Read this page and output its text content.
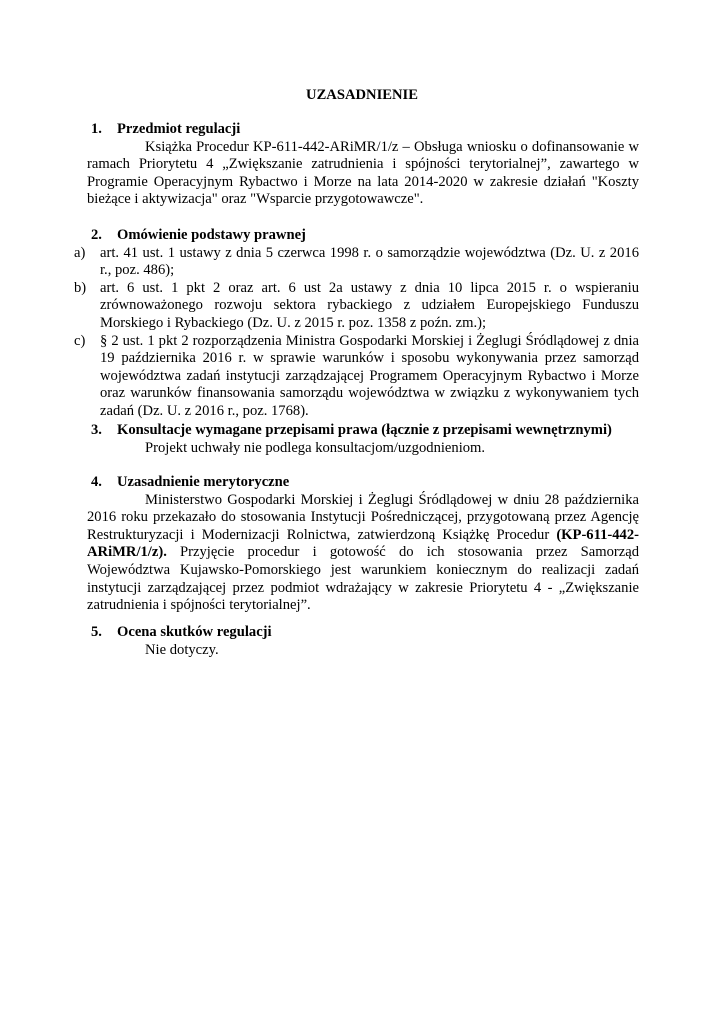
UZASADNIENIE
1. Przedmiot regulacji
Książka Procedur KP-611-442-ARiMR/1/z – Obsługa wniosku o dofinansowanie w ramach Priorytetu 4 „Zwiększanie zatrudnienia i spójności terytorialnej”, zawartego w Programie Operacyjnym Rybactwo i Morze na lata 2014-2020 w zakresie działań "Koszty bieżące i aktywizacja" oraz "Wsparcie przygotowawcze".
2. Omówienie podstawy prawnej
a) art. 41 ust. 1 ustawy z dnia 5 czerwca 1998 r. o samorządzie województwa (Dz. U. z 2016 r., poz. 486);
b) art. 6 ust. 1 pkt 2 oraz art. 6 ust 2a ustawy z dnia 10 lipca 2015 r. o wspieraniu zrównoważonego rozwoju sektora rybackiego z udziałem Europejskiego Funduszu Morskiego i Rybackiego (Dz. U. z 2015 r. poz. 1358 z poźn. zm.);
c) § 2 ust. 1 pkt 2 rozporządzenia Ministra Gospodarki Morskiej i Żeglugi Śródlądowej z dnia 19 października 2016 r. w sprawie warunków i sposobu wykonywania przez samorząd województwa zadań instytucji zarządzającej Programem Operacyjnym Rybactwo i Morze oraz warunków finansowania samorządu województwa w związku z wykonywaniem tych zadań (Dz. U. z 2016 r., poz. 1768).
3. Konsultacje wymagane przepisami prawa (łącznie z przepisami wewnętrznymi)
Projekt uchwały nie podlega konsultacjom/uzgodnieniom.
4. Uzasadnienie merytoryczne
Ministerstwo Gospodarki Morskiej i Żeglugi Śródlądowej w dniu 28 października 2016 roku przekazało do stosowania Instytucji Pośredniczącej, przygotowaną przez Agencję Restrukturyzacji i Modernizacji Rolnictwa, zatwierdzoną Książkę Procedur (KP-611-442-ARiMR/1/z). Przyjęcie procedur i gotowość do ich stosowania przez Samorząd Województwa Kujawsko-Pomorskiego jest warunkiem koniecznym do realizacji zadań instytucji zarządzającej przez podmiot wdrażający w zakresie Priorytetu 4 - „Zwiększanie zatrudnienia i spójności terytorialnej”.
5. Ocena skutków regulacji
Nie dotyczy.
